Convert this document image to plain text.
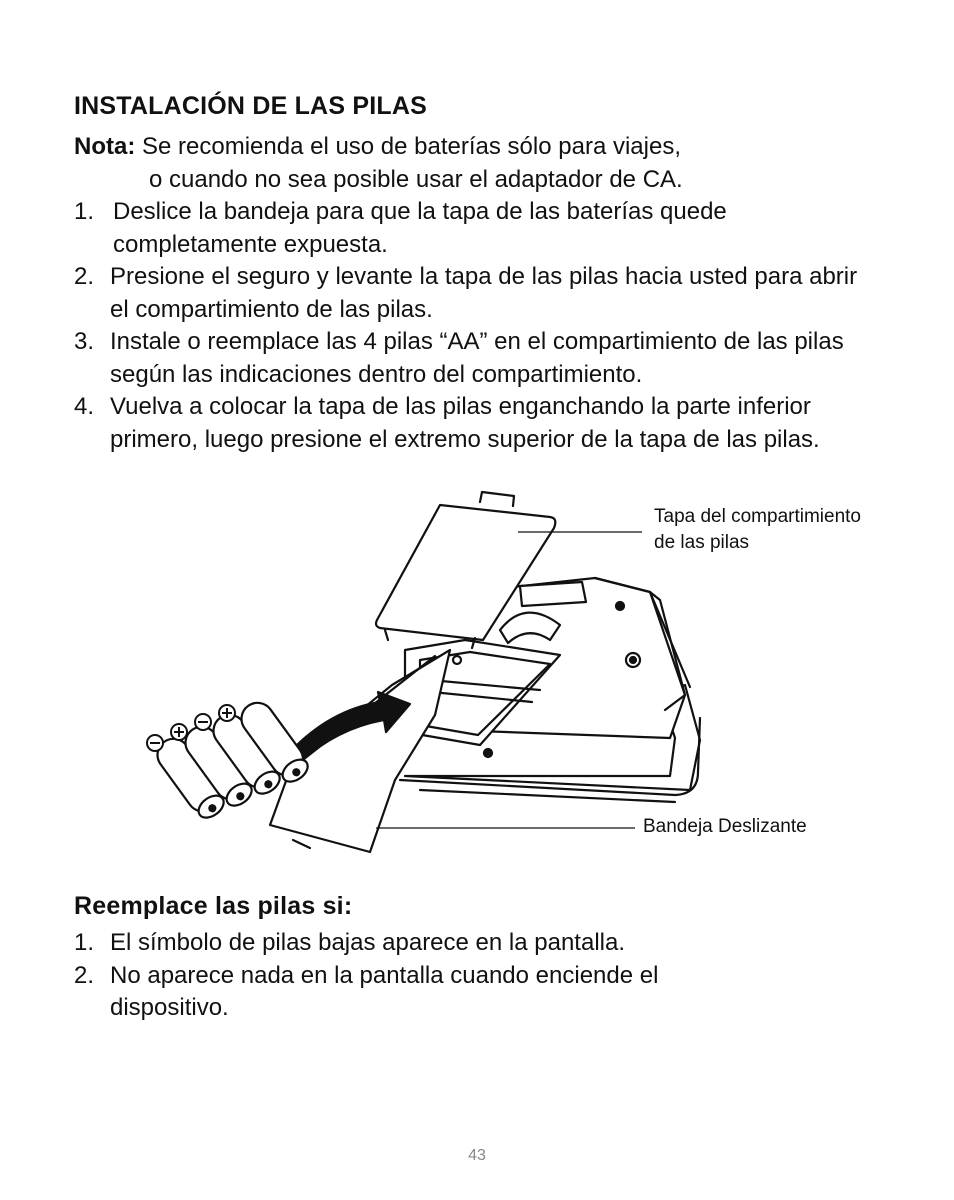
INSTALACIÓN DE LAS PILAS
Nota: Se recomienda el uso de baterías sólo para viajes,
o cuando no sea posible usar el adaptador de CA.
1. Deslice la bandeja para que la tapa de las baterías quede completamente expuesta.
2. Presione el seguro y levante la tapa de las pilas hacia usted para abrir el compartimiento de las pilas.
3. Instale o reemplace las 4 pilas “AA” en el compartimiento de las pilas según las indicaciones dentro del compartimiento.
4. Vuelva a colocar la tapa de las pilas enganchando la parte inferior primero, luego presione el extremo superior de la tapa de las pilas.
Tapa del compartimiento
de las pilas
Bandeja Deslizante
Reemplace las pilas si:
1. El símbolo de pilas bajas aparece en la pantalla.
2. No aparece nada en la pantalla cuando enciende el dispositivo.
43
